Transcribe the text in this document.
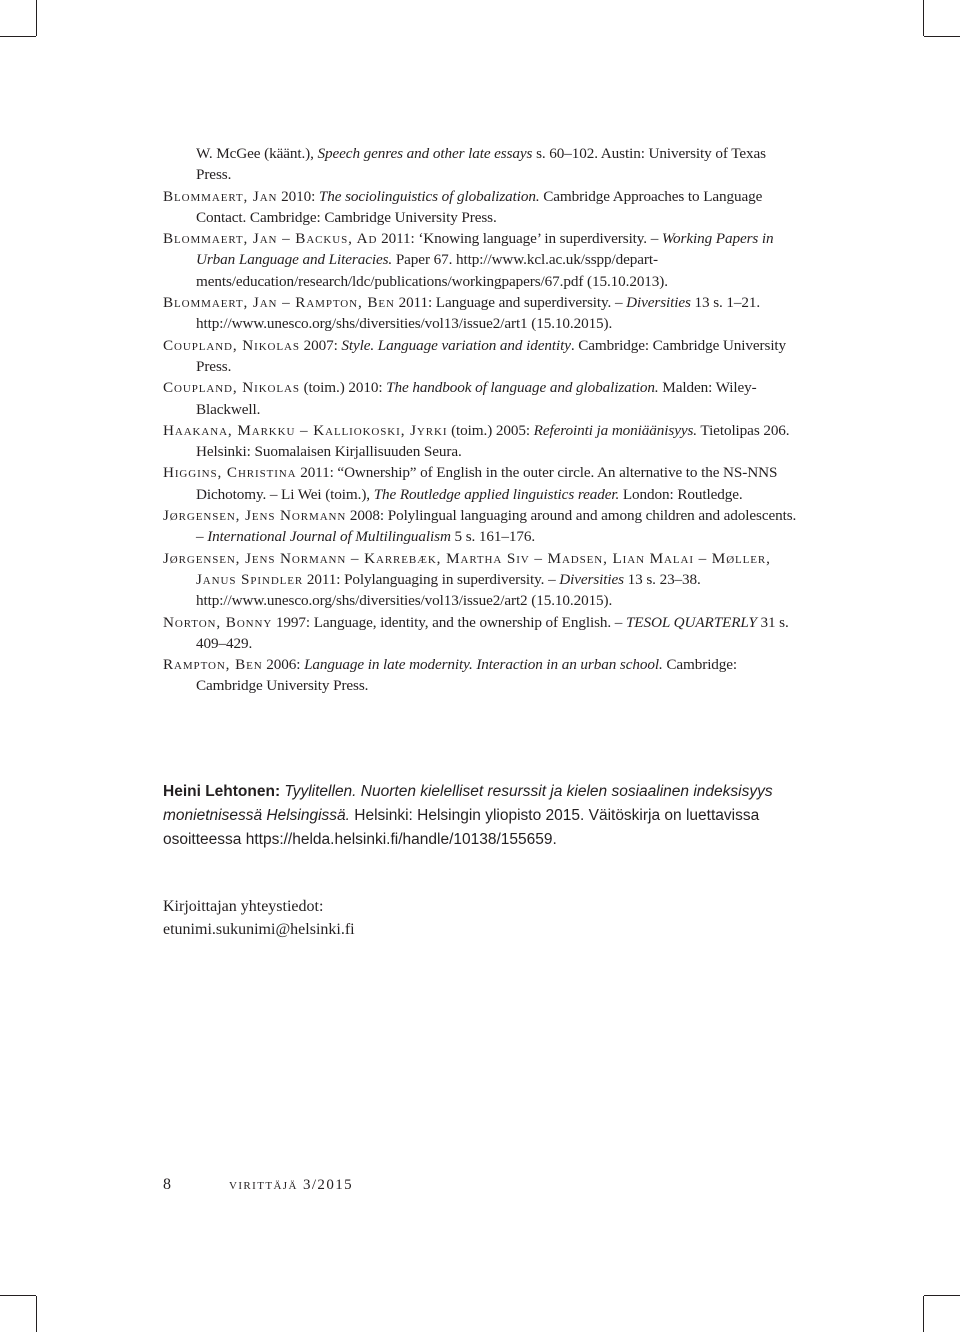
W. McGee (käänt.), Speech genres and other late essays s. 60–102. Austin: University of Texas Press.

Blommaert, Jan 2010: The sociolinguistics of globalization. Cambridge Approaches to Language Contact. Cambridge: Cambridge University Press.

Blommaert, Jan – Backus, Ad 2011: ‘Knowing language’ in superdiversity. – Working Papers in Urban Language and Literacies. Paper 67. http://www.kcl.ac.uk/sspp/departments/education/research/ldc/publications/workingpapers/67.pdf (15.10.2013).

Blommaert, Jan – Rampton, Ben 2011: Language and superdiversity. – Diversities 13 s. 1–21. http://www.unesco.org/shs/diversities/vol13/issue2/art1 (15.10.2015).

Coupland, Nikolas 2007: Style. Language variation and identity. Cambridge: Cambridge University Press.

Coupland, Nikolas (toim.) 2010: The handbook of language and globalization. Malden: Wiley-Blackwell.

Haakana, Markku – Kalliokoski, Jyrki (toim.) 2005: Referointi ja moniäänisyys. Tietolipas 206. Helsinki: Suomalaisen Kirjallisuuden Seura.

Higgins, Christina 2011: “Ownership” of English in the outer circle. An alternative to the NS-NNS Dichotomy. – Li Wei (toim.), The Routledge applied linguistics reader. London: Routledge.

Jørgensen, Jens Normann 2008: Polylingual languaging around and among children and adolescents. – International Journal of Multilingualism 5 s. 161–176.

Jørgensen, Jens Normann – Karrebæk, Martha Siv – Madsen, Lian Malai – Møller, Janus Spindler 2011: Polylanguaging in superdiversity. – Diversities 13 s. 23–38. http://www.unesco.org/shs/diversities/vol13/issue2/art2 (15.10.2015).

Norton, Bonny 1997: Language, identity, and the ownership of English. – TESOL QUARTERLY 31 s. 409–429.

Rampton, Ben 2006: Language in late modernity. Interaction in an urban school. Cambridge: Cambridge University Press.

Heini Lehtonen: Tyylitellen. Nuorten kielelliset resurssit ja kielen sosiaalinen indeksisyys monietnisessä Helsingissä. Helsinki: Helsingin yliopisto 2015. Väitöskirja on luettavissa osoitteessa https://helda.helsinki.fi/handle/10138/155659.
Kirjoittajan yhteystiedot:
etunimi.sukunimi@helsinki.fi
8	virittäjä 3/2015
